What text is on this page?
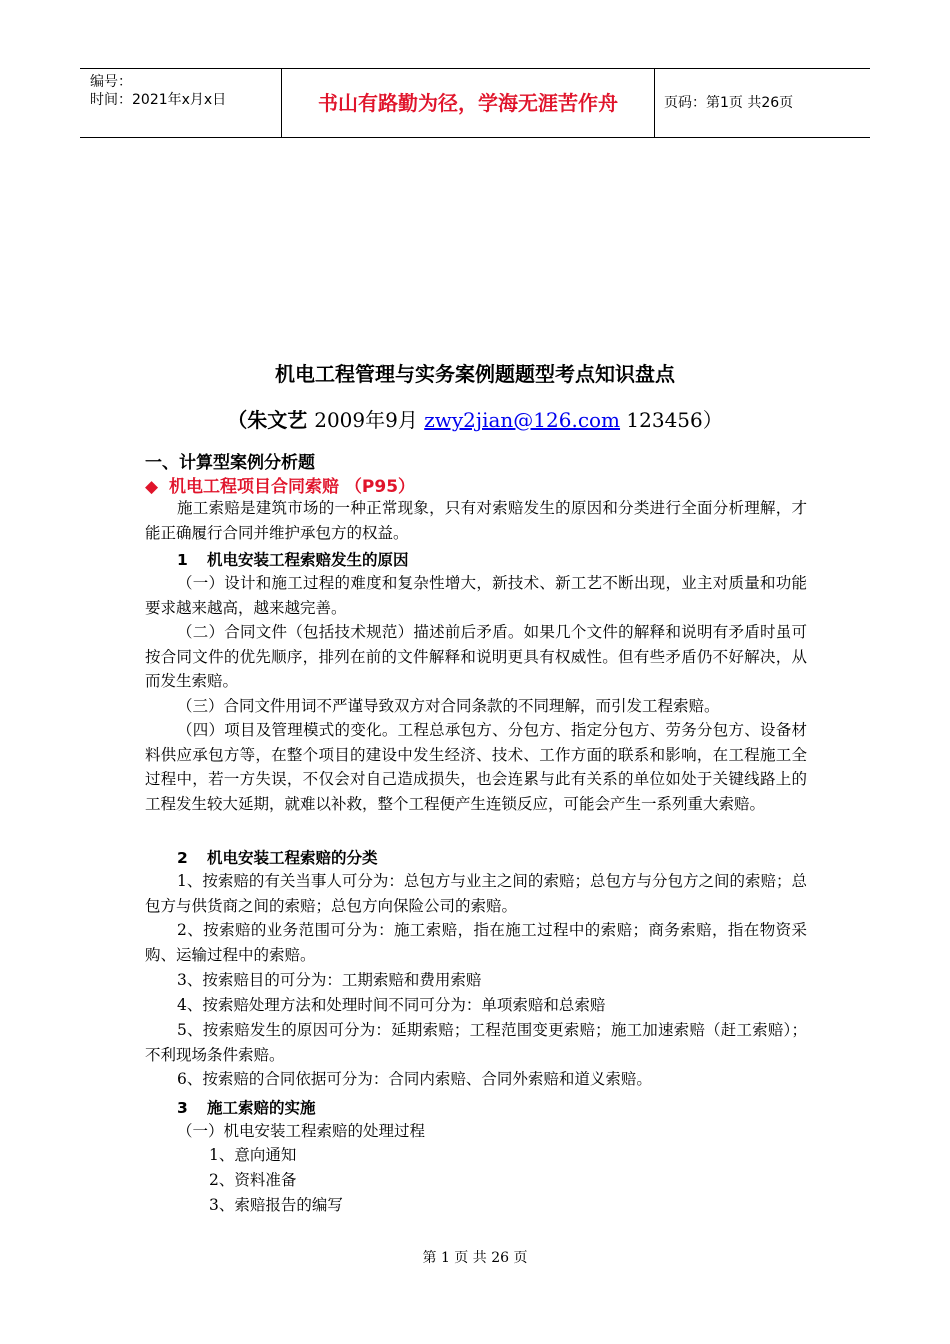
编号：
时间：2021年x月x日	书山有路勤为径，学海无涯苦作舟	页码：第1页 共26页
机电工程管理与实务案例题题型考点知识盘点
（朱文艺 2009年9月 zwy2jian@126.com 123456）
一、计算型案例分析题
◆ 机电工程项目合同索赔 （P95）
施工索赔是建筑市场的一种正常现象，只有对索赔发生的原因和分类进行全面分析理解，才能正确履行合同并维护承包方的权益。
1 机电安装工程索赔发生的原因
（一）设计和施工过程的难度和复杂性增大，新技术、新工艺不断出现，业主对质量和功能要求越来越高，越来越完善。
（二）合同文件（包括技术规范）描述前后矛盾。如果几个文件的解释和说明有矛盾时虽可按合同文件的优先顺序，排列在前的文件解释和说明更具有权威性。但有些矛盾仍不好解决，从而发生索赔。
（三）合同文件用词不严谨导致双方对合同条款的不同理解，而引发工程索赔。
（四）项目及管理模式的变化。工程总承包方、分包方、指定分包方、劳务分包方、设备材料供应承包方等，在整个项目的建设中发生经济、技术、工作方面的联系和影响，在工程施工全过程中，若一方失误，不仅会对自己造成损失，也会连累与此有关系的单位如处于关键线路上的工程发生较大延期，就难以补救，整个工程便产生连锁反应，可能会产生一系列重大索赔。
2 机电安装工程索赔的分类
1、按索赔的有关当事人可分为：总包方与业主之间的索赔；总包方与分包方之间的索赔；总包方与供货商之间的索赔；总包方向保险公司的索赔。
2、按索赔的业务范围可分为：施工索赔，指在施工过程中的索赔；商务索赔，指在物资采购、运输过程中的索赔。
3、按索赔目的可分为：工期索赔和费用索赔
4、按索赔处理方法和处理时间不同可分为：单项索赔和总索赔
5、按索赔发生的原因可分为：延期索赔；工程范围变更索赔；施工加速索赔（赶工索赔）；不利现场条件索赔。
6、按索赔的合同依据可分为：合同内索赔、合同外索赔和道义索赔。
3 施工索赔的实施
（一）机电安装工程索赔的处理过程
1、意向通知
2、资料准备
3、索赔报告的编写
第 1 页 共 26 页
